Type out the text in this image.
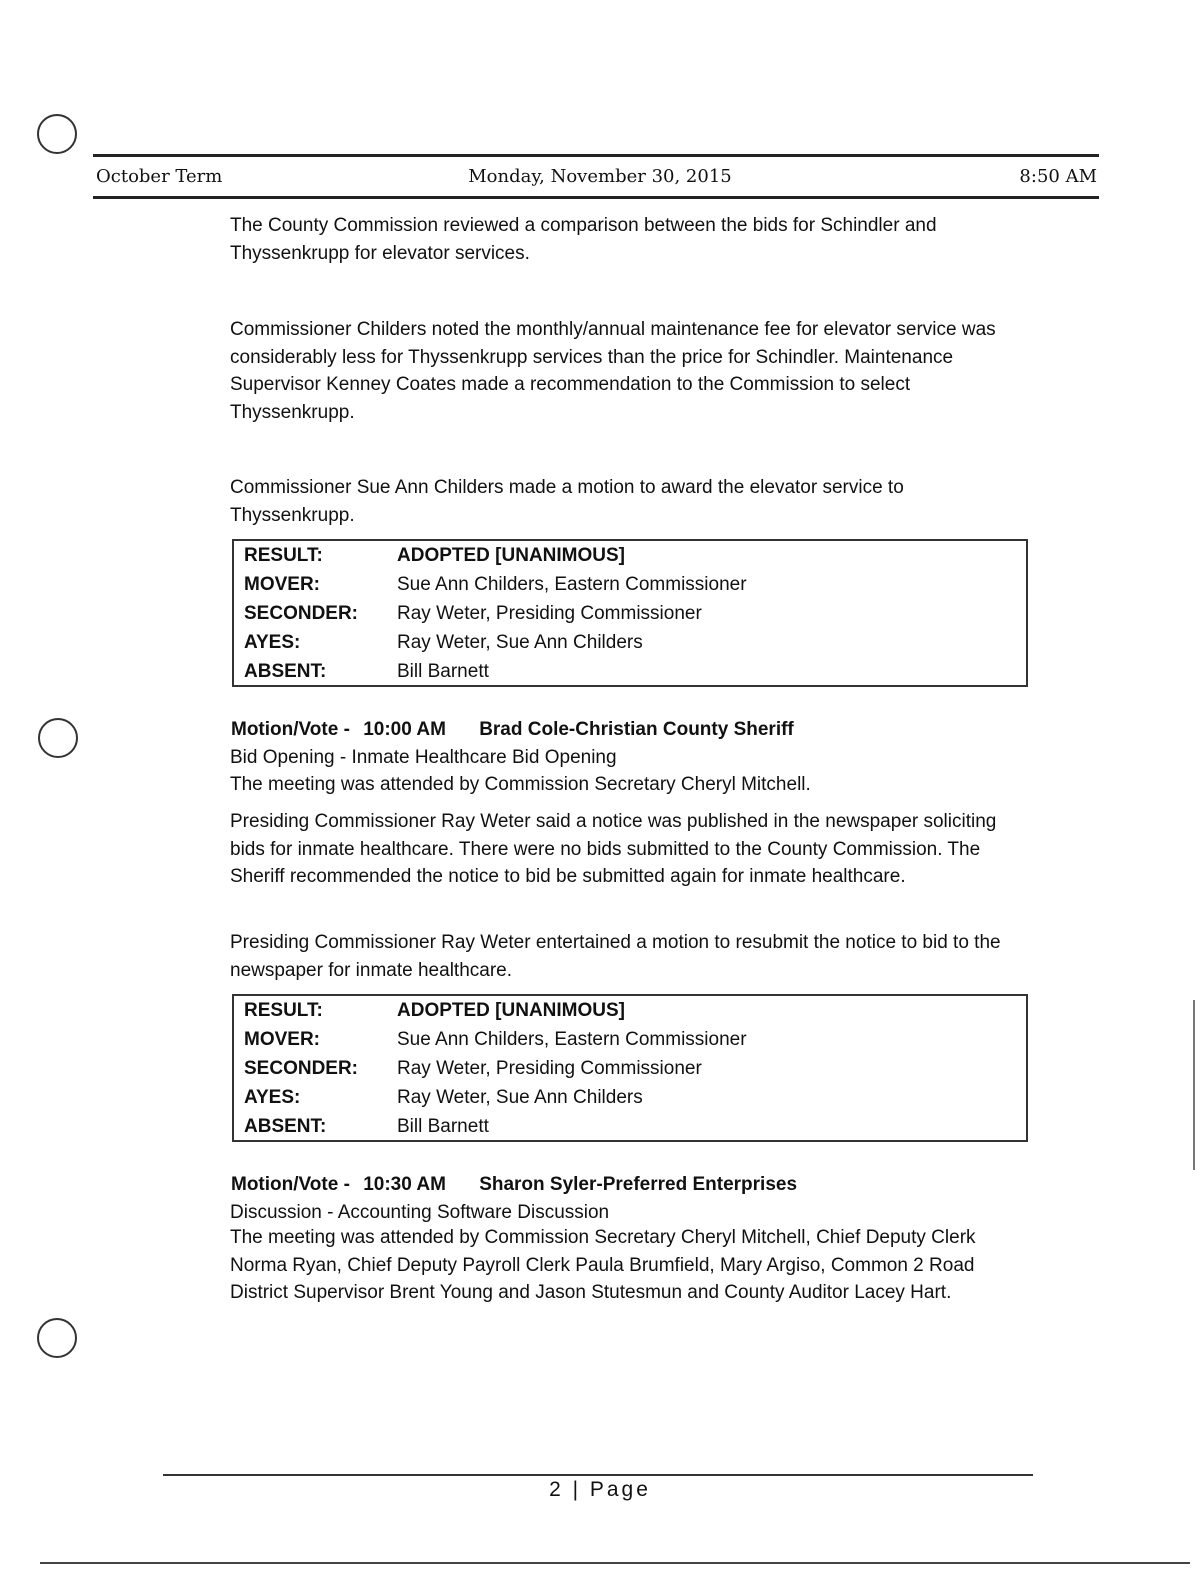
October Term	Monday, November 30, 2015	8:50 AM

The County Commission reviewed a comparison between the bids for Schindler and Thyssenkrupp for elevator services.

Commissioner Childers noted the monthly/annual maintenance fee for elevator service was considerably less for Thyssenkrupp services than the price for Schindler. Maintenance Supervisor Kenney Coates made a recommendation to the Commission to select Thyssenkrupp.

Commissioner Sue Ann Childers made a motion to award the elevator service to Thyssenkrupp.

RESULT:	ADOPTED [UNANIMOUS]
MOVER:	Sue Ann Childers, Eastern Commissioner
SECONDER: Ray Weter, Presiding Commissioner
AYES:	Ray Weter, Sue Ann Childers
ABSENT:	Bill Barnett
Motion/Vote - 10:00 AM Brad Cole-Christian County Sheriff

Bid Opening - Inmate Healthcare Bid Opening

The meeting was attended by Commission Secretary Cheryl Mitchell.

Presiding Commissioner Ray Weter said a notice was published in the newspaper soliciting bids for inmate healthcare. There were no bids submitted to the County Commission. The Sheriff recommended the notice to bid be submitted again for inmate healthcare.

Presiding Commissioner Ray Weter entertained a motion to resubmit the notice to bid to the newspaper for inmate healthcare.

RESULT:	ADOPTED [UNANIMOUS]
MOVER:	Sue Ann Childers, Eastern Commissioner
SECONDER: Ray Weter, Presiding Commissioner
AYES:	Ray Weter, Sue Ann Childers
ABSENT:	Bill Barnett
Motion/Vote - 10:30 AM Sharon Syler-Preferred Enterprises

Discussion - Accounting Software Discussion

The meeting was attended by Commission Secretary Cheryl Mitchell, Chief Deputy Clerk Norma Ryan, Chief Deputy Payroll Clerk Paula Brumfield, Mary Argiso, Common 2 Road District Supervisor Brent Young and Jason Stutesmun and County Auditor Lacey Hart.

2 | Page
